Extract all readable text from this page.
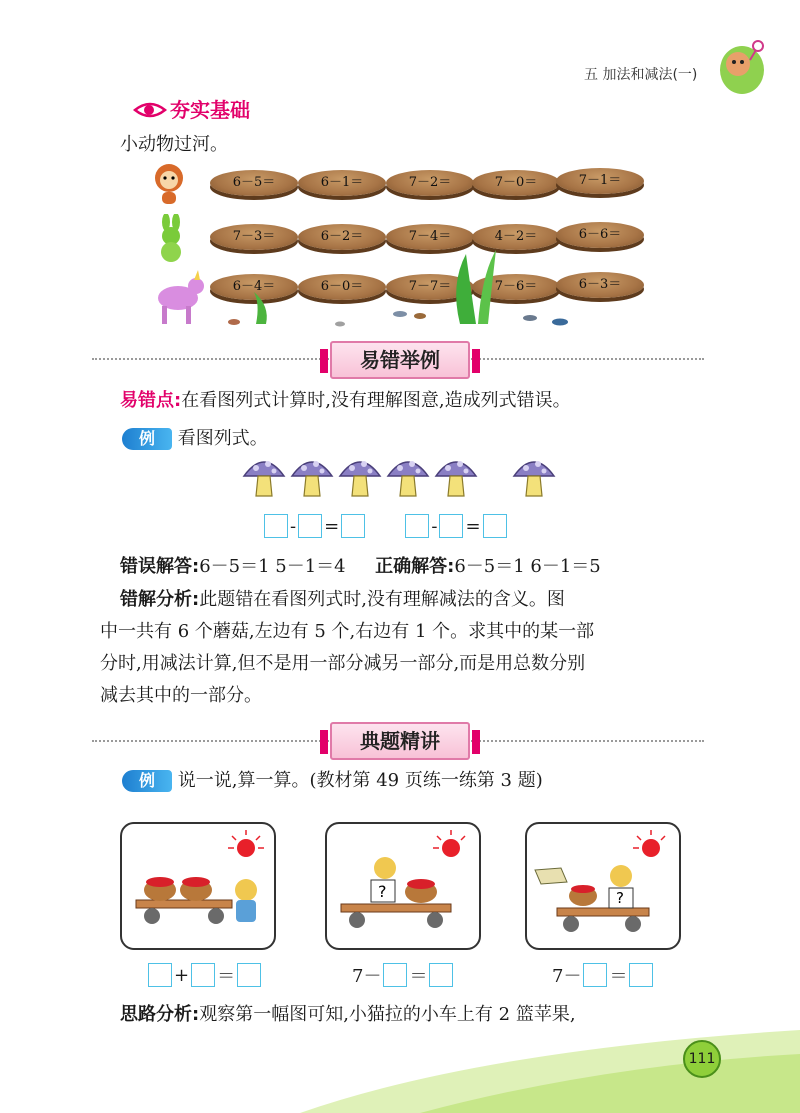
五 加法和减法(一)
夯实基础
小动物过河。
6－5＝	6－1＝	7－2＝	7－0＝	7－1＝
7－3＝	6－2＝	7－4＝	4－2＝	6－6＝
6－4＝	6－0＝	7－7＝	7－6＝	6－3＝
易错举例
易错点:在看图列式计算时,没有理解图意,造成列式错误。
例 看图列式。
- =	- =
错误解答:6－5＝1 5－1＝4 正确解答:6－5＝1 6－1＝5
错解分析:此题错在看图列式时,没有理解减法的含义。图
中一共有 6 个蘑菇,左边有 5 个,右边有 1 个。求其中的某一部
分时,用减法计算,但不是用一部分减另一部分,而是用总数分别
减去其中的一部分。
典题精讲
例 说一说,算一算。(教材第 49 页练一练第 3 题)
?	?
+ ＝	7－ ＝	7－ ＝
思路分析:观察第一幅图可知,小猫拉的小车上有 2 篮苹果,
111
